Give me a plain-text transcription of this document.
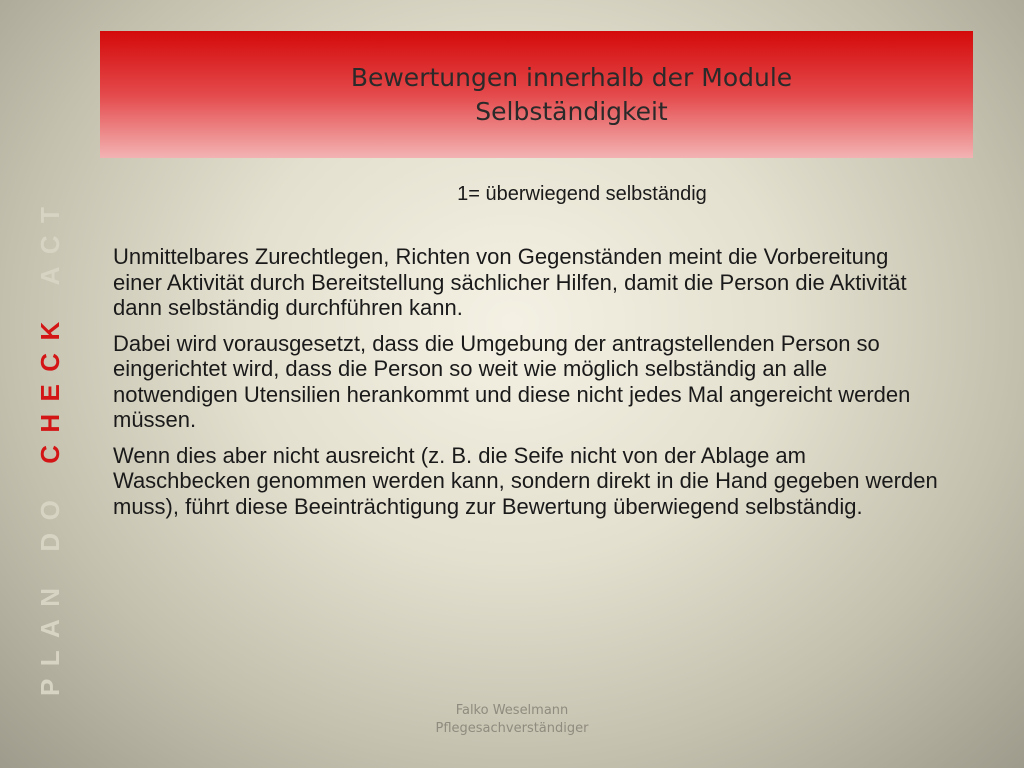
Bewertungen innerhalb der Module
Selbständigkeit
PLANDOCHECKACT
1= überwiegend selbständig

Unmittelbares Zurechtlegen, Richten von Gegenständen meint die Vorbereitung einer Aktivität durch Bereitstellung sächlicher Hilfen, damit die Person die Aktivität dann selbständig durchführen kann.

Dabei wird vorausgesetzt, dass die Umgebung der antragstellenden Person so eingerichtet wird, dass die Person so weit wie möglich selbständig an alle notwendigen Utensilien herankommt und diese nicht jedes Mal angereicht werden müssen.

Wenn dies aber nicht ausreicht (z. B. die Seife nicht von der Ablage am Waschbecken genommen werden kann, sondern direkt in die Hand gegeben werden muss), führt diese Beeinträchtigung zur Bewertung überwiegend selbständig.

Falko Weselmann
Pflegesachverständiger
